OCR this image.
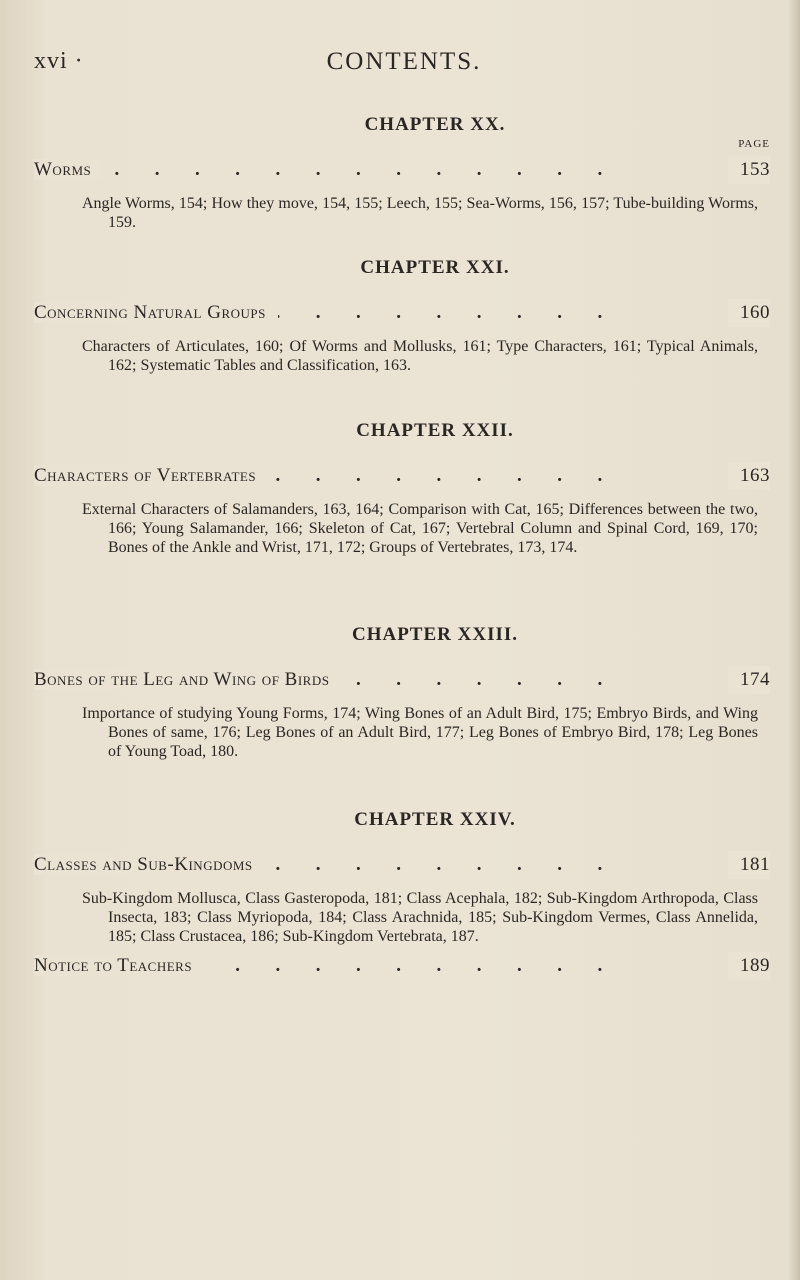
xvi ·	CONTENTS.
PAGE
CHAPTER XX.
.
Worms	153

Angle Worms, 154; How they move, 154, 155; Leech, 155; Sea-Worms, 156, 157; Tube-building Worms, 159.

CHAPTER XXI.
.
Concerning Natural Groups	160

Characters of Articulates, 160; Of Worms and Mollusks, 161; Type Characters, 161; Typical Animals, 162; Systematic Tables and Classification, 163.

CHAPTER XXII.
.
Characters of Vertebrates	163

External Characters of Salamanders, 163, 164; Comparison with Cat, 165; Differences between the two, 166; Young Salamander, 166; Skeleton of Cat, 167; Vertebral Column and Spinal Cord, 169, 170; Bones of the Ankle and Wrist, 171, 172; Groups of Vertebrates, 173, 174.

CHAPTER XXIII.
.
Bones of the Leg and Wing of Birds	174

Importance of studying Young Forms, 174; Wing Bones of an Adult Bird, 175; Embryo Birds, and Wing Bones of same, 176; Leg Bones of an Adult Bird, 177; Leg Bones of Embryo Bird, 178; Leg Bones of Young Toad, 180.

CHAPTER XXIV.
.
Classes and Sub-Kingdoms	181

Sub-Kingdom Mollusca, Class Gasteropoda, 181; Class Acephala, 182; Sub-Kingdom Arthropoda, Class Insecta, 183; Class Myriopoda, 184; Class Arachnida, 185; Sub-Kingdom Vermes, Class Annelida, 185; Class Crustacea, 186; Sub-Kingdom Vertebrata, 187.

.
Notice to Teachers	189
